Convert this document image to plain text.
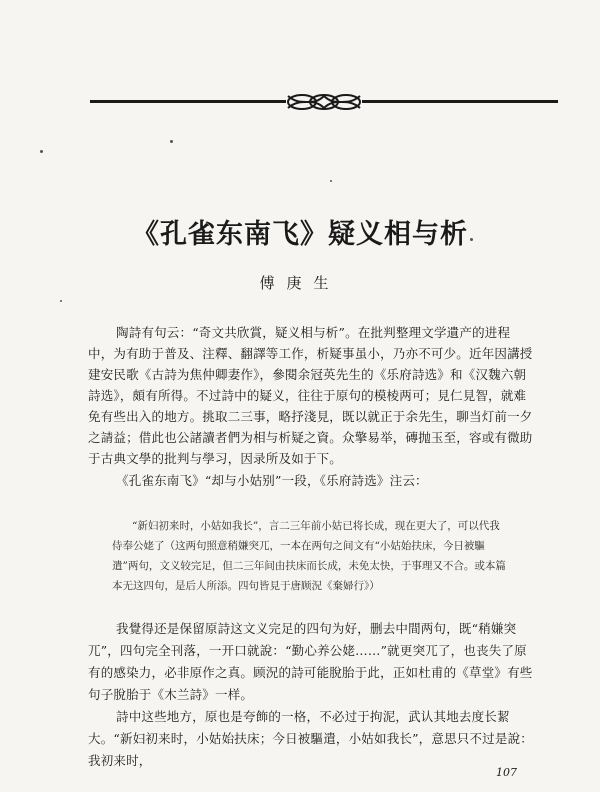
《孔雀东南飞》疑义相与析
傅庚生
陶詩有句云：“奇文共欣賞，疑义相与析”。在批判整理文学遺产的进程中，为有助于普及、注釋、翻譯等工作，析疑事虽小，乃亦不可少。近年因講授建安民歌《古詩为焦仲卿妻作》，參閱余冠英先生的《乐府詩选》和《汉魏六朝詩选》，頗有所得。不过詩中的疑义，往往于原句的模棱两可；見仁見智，就难免有些出入的地方。挑取二三事，略抒淺見，既以就正于余先生，聊当灯前一夕之請益；借此也公諸讀者們为相与析疑之資。众擎易举，磚抛玉至，容或有微助于古典文學的批判与學习，因录所及如于下。
《孔雀东南飞》“却与小姑别”一段，《乐府詩选》注云：
“新妇初来时，小姑如我长”，言二三年前小姑已将长成，现在更大了，可以代我侍奉公姥了（这两句照意稍嫌突兀，一本在两句之间文有“小姑始扶床，今日被驅遣”两句，文义较完足，但二三年间由扶床而长成，未免太快，于事理又不合。或本篇本无这四句，是后人所添。四句皆見于唐顾況《棄婦行》）
我覺得还是保留原詩这文义完足的四句为好，删去中間两句，既“稍嫌突兀”，四句完全刊落，一开口就說：“勤心养公姥……”就更突兀了，也丧失了原有的感染力，必非原作之真。顾況的詩可能脫胎于此，正如杜甫的《草堂》有些句子脫胎于《木兰詩》一样。
詩中这些地方，原也是夸飾的一格，不必过于拘泥，武认其地去度长絜大。“新妇初来时，小姑始扶床；今日被驅遣，小姑如我长”，意思只不过是說：我初来时，
107
